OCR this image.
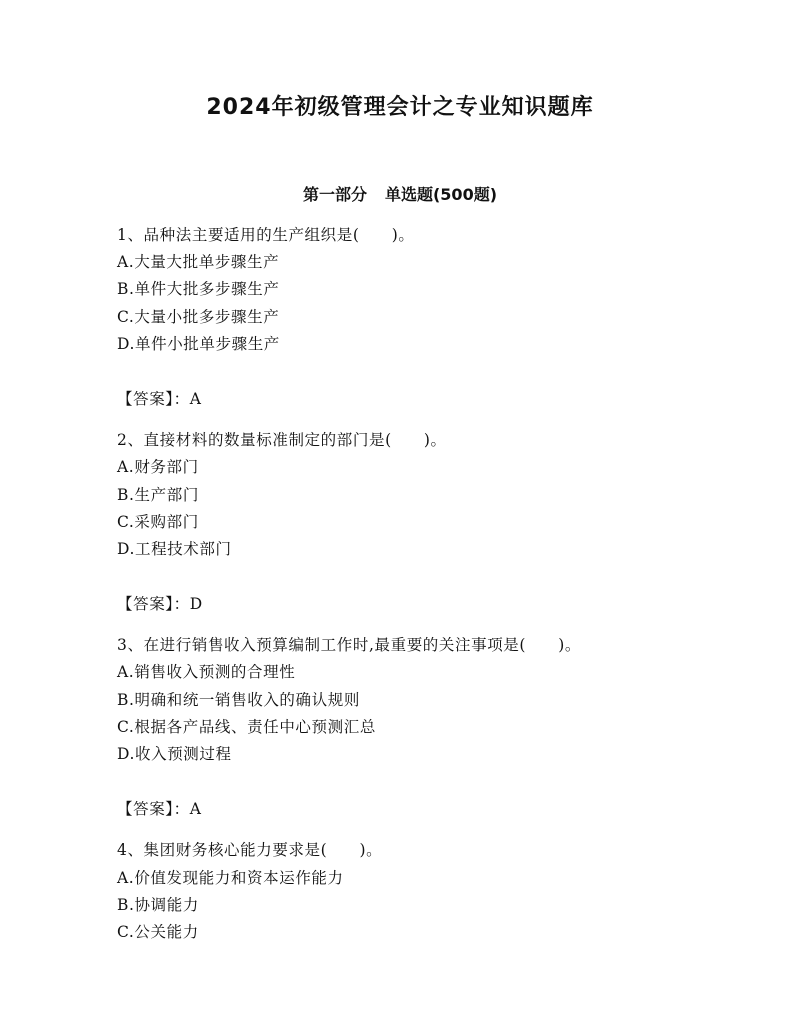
2024年初级管理会计之专业知识题库
第一部分 单选题(500题)
1、品种法主要适用的生产组织是(　　)。
A.大量大批单步骤生产
B.单件大批多步骤生产
C.大量小批多步骤生产
D.单件小批单步骤生产
【答案】：A
2、直接材料的数量标准制定的部门是(　　)。
A.财务部门
B.生产部门
C.采购部门
D.工程技术部门
【答案】：D
3、在进行销售收入预算编制工作时,最重要的关注事项是(　　)。
A.销售收入预测的合理性
B.明确和统一销售收入的确认规则
C.根据各产品线、责任中心预测汇总
D.收入预测过程
【答案】：A
4、集团财务核心能力要求是(　　)。
A.价值发现能力和资本运作能力
B.协调能力
C.公关能力
